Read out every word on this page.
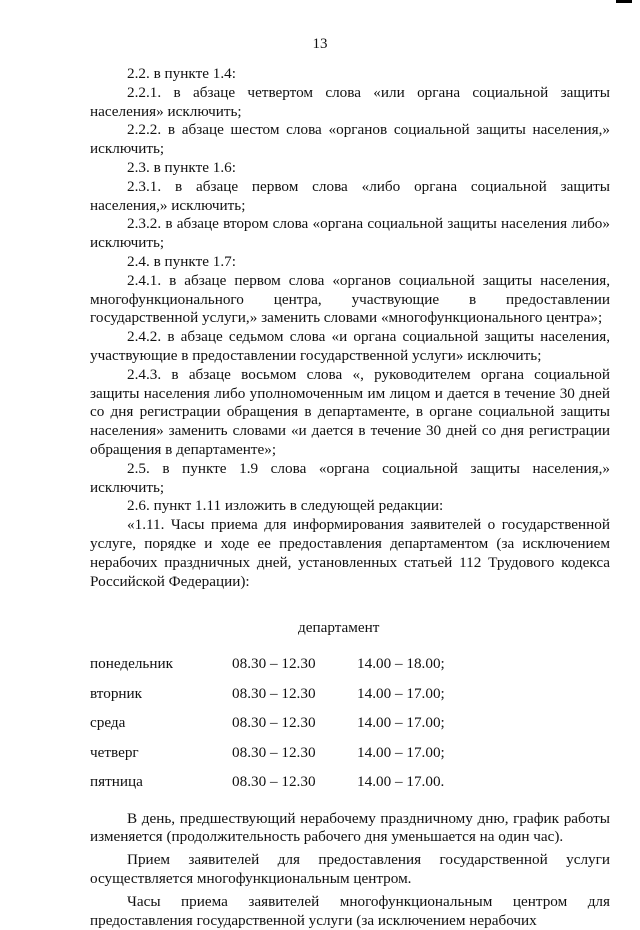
13

2.2. в пункте 1.4:

2.2.1. в абзаце четвертом слова «или органа социальной защиты населения» исключить;

2.2.2. в абзаце шестом слова «органов социальной защиты населения,» исключить;

2.3. в пункте 1.6:

2.3.1. в абзаце первом слова «либо органа социальной защиты населения,» исключить;

2.3.2. в абзаце втором слова «органа социальной защиты населения либо» исключить;

2.4. в пункте 1.7:

2.4.1. в абзаце первом слова «органов социальной защиты населения, многофункционального центра, участвующие в предоставлении государственной услуги,» заменить словами «многофункционального центра»;

2.4.2. в абзаце седьмом слова «и органа социальной защиты населения, участвующие в предоставлении государственной услуги» исключить;

2.4.3. в абзаце восьмом слова «, руководителем органа социальной защиты населения либо уполномоченным им лицом и дается в течение 30 дней со дня регистрации обращения в департаменте, в органе социальной защиты населения» заменить словами «и дается в течение 30 дней со дня регистрации обращения в департаменте»;

2.5. в пункте 1.9 слова «органа социальной защиты населения,» исключить;

2.6. пункт 1.11 изложить в следующей редакции:

«1.11. Часы приема для информирования заявителей о государственной услуге, порядке и ходе ее предоставления департаментом (за исключением нерабочих праздничных дней, установленных статьей 112 Трудового кодекса Российской Федерации):

департамент
понедельник	08.30 – 12.30	14.00 – 18.00;
вторник	08.30 – 12.30	14.00 – 17.00;
среда	08.30 – 12.30	14.00 – 17.00;
четверг	08.30 – 12.30	14.00 – 17.00;
пятница	08.30 – 12.30	14.00 – 17.00.

В день, предшествующий нерабочему праздничному дню, график работы изменяется (продолжительность рабочего дня уменьшается на один час).

Прием заявителей для предоставления государственной услуги осуществляется многофункциональным центром.

Часы приема заявителей многофункциональным центром для предоставления государственной услуги (за исключением нерабочих
